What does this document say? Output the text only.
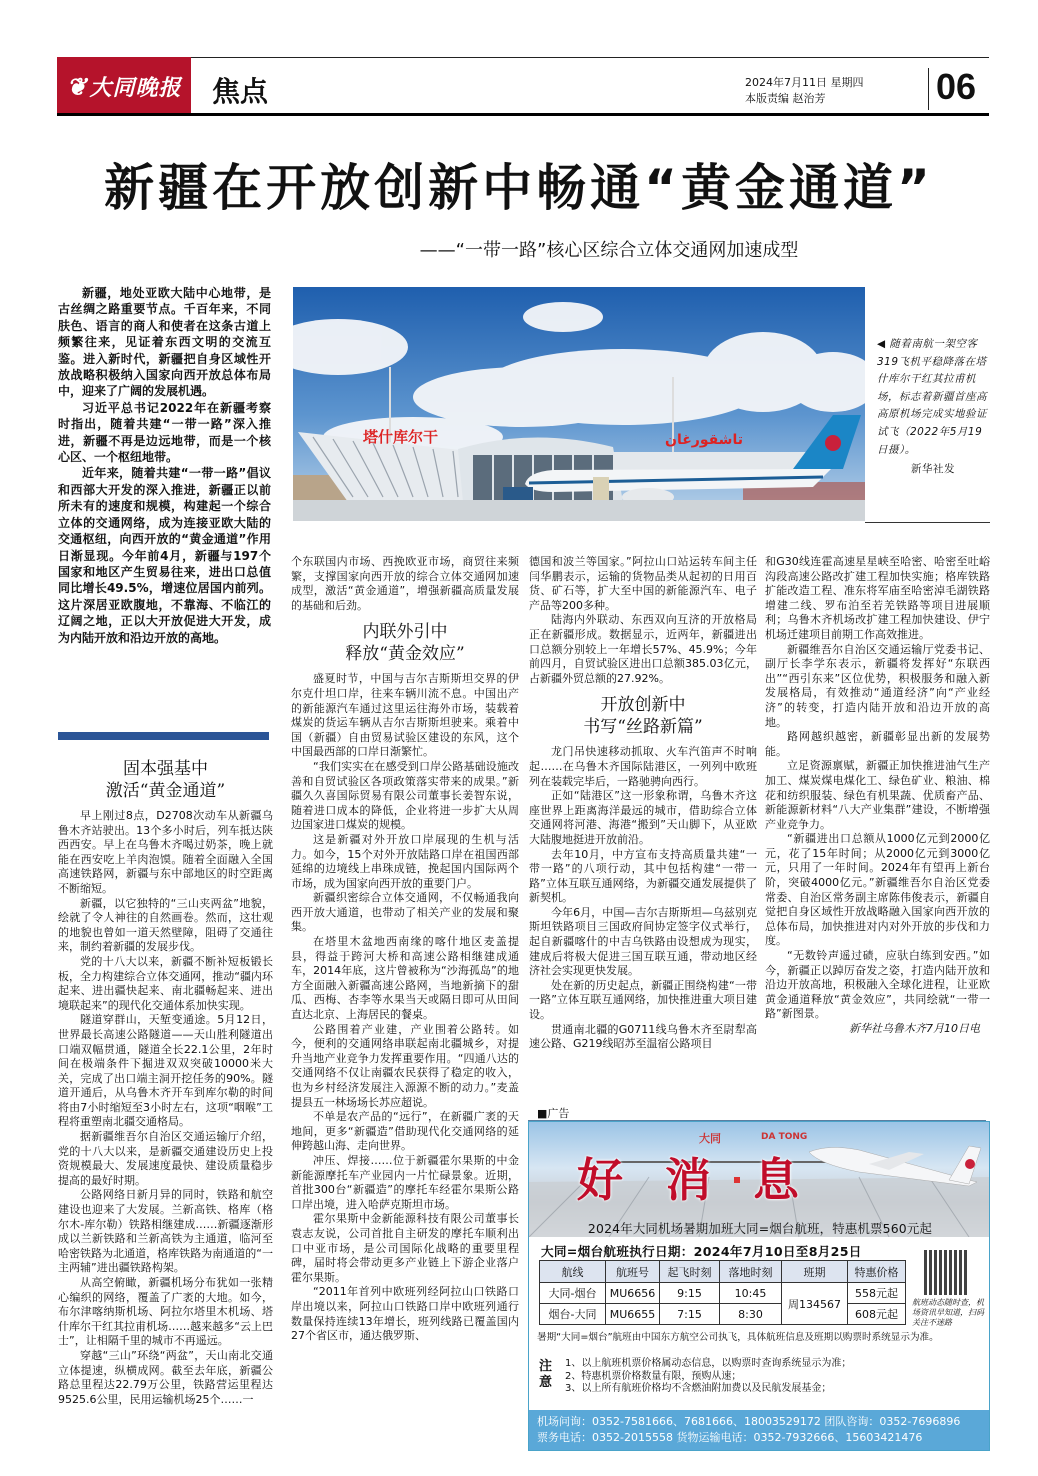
❦ 大同晚报 焦点	2024年7月11日 星期四
本版责编 赵治芳	06
新疆在开放创新中畅通“黄金通道”
——“一带一路”核心区综合立体交通网加速成型

新疆，地处亚欧大陆中心地带，是古丝绸之路重要节点。千百年来，不同肤色、语言的商人和使者在这条古道上频繁往来，见证着东西文明的交流互鉴。进入新时代，新疆把自身区域性开放战略积极纳入国家向西开放总体布局中，迎来了广阔的发展机遇。

习近平总书记2022年在新疆考察时指出，随着共建“一带一路”深入推进，新疆不再是边远地带，而是一个核心区、一个枢纽地带。

近年来，随着共建“一带一路”倡议和西部大开发的深入推进，新疆正以前所未有的速度和规模，构建起一个综合立体的交通网络，成为连接亚欧大陆的交通枢纽，向西开放的“黄金通道”作用日渐显现。今年前4月，新疆与197个国家和地区产生贸易往来，进出口总值同比增长49.5%，增速位居国内前列。这片深居亚欧腹地，不靠海、不临江的辽阔之地，正以大开放促进大开发，成为内陆开放和沿边开放的高地。

塔什库尔干	تاشقورغان
◀ 随着南航一架空客319飞机平稳降落在塔什库尔干红其拉甫机场，标志着新疆首座高高原机场完成实地验证试飞（2022年5月19日摄）。
新华社发
固本强基中
激活“黄金通道”

早上刚过8点，D2708次动车从新疆乌鲁木齐站驶出。13个多小时后，列车抵达陕西西安。早上在乌鲁木齐喝过奶茶，晚上就能在西安吃上羊肉泡馍。随着全面融入全国高速铁路网，新疆与东中部地区的时空距离不断缩短。

新疆，以它独特的“三山夹两盆”地貌，绘就了令人神往的自然画卷。然而，这壮观的地貌也曾如一道天然壁障，阻碍了交通往来，制约着新疆的发展步伐。

党的十八大以来，新疆不断补短板锻长板，全力构建综合立体交通网，推动“疆内环起来、进出疆快起来、南北疆畅起来、进出境联起来”的现代化交通体系加快实现。

隧道穿群山，天堑变通途。5月12日，世界最长高速公路隧道——天山胜利隧道出口端双幅贯通，隧道全长22.1公里，2年时间在极端条件下掘进双双突破10000米大关，完成了出口端主洞开挖任务的90%。隧道开通后，从乌鲁木齐开车到库尔勒的时间将由7小时缩短至3小时左右，这项“咽喉”工程将重塑南北疆交通格局。

据新疆维吾尔自治区交通运输厅介绍，党的十八大以来，是新疆交通建设历史上投资规模最大、发展速度最快、建设质量稳步提高的最好时期。

公路网络日新月异的同时，铁路和航空建设也迎来了大发展。兰新高铁、格库（格尔木-库尔勒）铁路相继建成……新疆逐渐形成以兰新铁路和兰新高铁为主通道，临河至哈密铁路为北通道，格库铁路为南通道的“一主两辅”进出疆铁路构架。

从高空俯瞰，新疆机场分布犹如一张精心编织的网络，覆盖了广袤的大地。如今，布尔津喀纳斯机场、阿拉尔塔里木机场、塔什库尔干红其拉甫机场……越来越多“云上巴士”，让相隔千里的城市不再遥远。

穿越“三山”环绕“两盆”，天山南北交通立体提速，纵横成网。截至去年底，新疆公路总里程达22.79万公里，铁路营运里程达9525.6公里，民用运输机场25个……一

个东联国内市场、西挽欧亚市场，商贸往来频繁，支撑国家向西开放的综合立体交通网加速成型，激活“黄金通道”，增强新疆高质量发展的基础和后劲。
内联外引中
释放“黄金效应”

盛夏时节，中国与吉尔吉斯斯坦交界的伊尔克什坦口岸，往来车辆川流不息。中国出产的新能源汽车通过这里运往海外市场，装载着煤炭的货运车辆从吉尔吉斯斯坦驶来。乘着中国（新疆）自由贸易试验区建设的东风，这个中国最西部的口岸日渐繁忙。

“我们实实在在感受到口岸公路基础设施改善和自贸试验区各项政策落实带来的成果。”新疆久久喜国际贸易有限公司董事长姜智东说，随着进口成本的降低，企业将进一步扩大从周边国家进口煤炭的规模。

这是新疆对外开放口岸展现的生机与活力。如今，15个对外开放陆路口岸在祖国西部延绵的边境线上串珠成链，挽起国内国际两个市场，成为国家向西开放的重要门户。

新疆织密综合立体交通网，不仅畅通我向西开放大通道，也带动了相关产业的发展和聚集。

在塔里木盆地西南缘的喀什地区麦盖提县，得益于跨河大桥和高速公路相继建成通车，2014年底，这片曾被称为“沙海孤岛”的地方全面融入新疆高速公路网，当地新摘下的甜瓜、西梅、杏李等水果当天或隔日即可从田间直达北京、上海居民的餐桌。

公路围着产业建，产业围着公路转。如今，便利的交通网络串联起南北疆城乡，对提升当地产业竞争力发挥重要作用。“四通八达的交通网络不仅让南疆农民获得了稳定的收入，也为乡村经济发展注入源源不断的动力。”麦盖提县五一林场场长苏应超说。

不单是农产品的“远行”，在新疆广袤的天地间，更多“新疆造”借助现代化交通网络的延伸跨越山海、走向世界。

冲压、焊接……位于新疆霍尔果斯的中金新能源摩托车产业园内一片忙碌景象。近期，首批300台“新疆造”的摩托车经霍尔果斯公路口岸出境，进入哈萨克斯坦市场。

霍尔果斯中金新能源科技有限公司董事长袁志友说，公司首批自主研发的摩托车顺利出口中亚市场，是公司国际化战略的重要里程碑，届时将会带动更多产业链上下游企业落户霍尔果斯。

“2011年首列中欧班列经阿拉山口铁路口岸出境以来，阿拉山口铁路口岸中欧班列通行数量保持连续13年增长，班列线路已覆盖国内27个省区市，通达俄罗斯、

德国和波兰等国家。”阿拉山口站运转车间主任闫华鹏表示，运输的货物品类从起初的日用百货、矿石等，扩大至中国的新能源汽车、电子产品等200多种。

陆海内外联动、东西双向互济的开放格局正在新疆形成。数据显示，近两年，新疆进出口总额分别较上一年增长57%、45.9%；今年前四月，自贸试验区进出口总额385.03亿元，占新疆外贸总额的27.92%。

开放创新中
书写“丝路新篇”

龙门吊快速移动抓取、火车汽笛声不时响起……在乌鲁木齐国际陆港区，一列列中欧班列在装载完毕后，一路驰骋向西行。

正如“陆港区”这一形象称谓，乌鲁木齐这座世界上距离海洋最远的城市，借助综合立体交通网将河港、海港“搬到”天山脚下，从亚欧大陆腹地挺进开放前沿。

去年10月，中方宣布支持高质量共建“一带一路”的八项行动，其中包括构建“一带一路”立体互联互通网络，为新疆交通发展提供了新契机。

今年6月，中国—吉尔吉斯斯坦—乌兹别克斯坦铁路项目三国政府间协定签字仪式举行，起自新疆喀什的中吉乌铁路由设想成为现实，建成后将极大促进三国互联互通，带动地区经济社会实现更快发展。

处在新的历史起点，新疆正围绕构建“一带一路”立体互联互通网络，加快推进重大项目建设。

贯通南北疆的G0711线乌鲁木齐至尉犁高速公路、G219线昭苏至温宿公路项目

和G30线连霍高速星星峡至哈密、哈密至吐峪沟段高速公路改扩建工程加快实施；格库铁路扩能改造工程、准东将军庙至哈密淖毛湖铁路增建二线、罗布泊至若羌铁路等项目进展顺利；乌鲁木齐机场改扩建工程加快建设、伊宁机场迁建项目前期工作高效推进。

新疆维吾尔自治区交通运输厅党委书记、副厅长李学东表示，新疆将发挥好“东联西出”“西引东来”区位优势，积极服务和融入新发展格局，有效推动“通道经济”向“产业经济”的转变，打造内陆开放和沿边开放的高地。

路网越织越密，新疆彰显出新的发展势能。

立足资源禀赋，新疆正加快推进油气生产加工、煤炭煤电煤化工、绿色矿业、粮油、棉花和纺织服装、绿色有机果蔬、优质畜产品、新能源新材料“八大产业集群”建设，不断增强产业竞争力。

“新疆进出口总额从1000亿元到2000亿元，花了15年时间；从2000亿元到3000亿元，只用了一年时间。2024年有望再上新台阶，突破4000亿元。”新疆维吾尔自治区党委常委、自治区常务副主席陈伟俊表示，新疆自觉把自身区域性开放战略融入国家向西开放的总体布局，加快推进对内对外开放的步伐和力度。

“无数铃声遥过碛，应驮白练到安西。”如今，新疆正以踔厉奋发之姿，打造内陆开放和沿边开放高地，积极融入全球化进程，让亚欧黄金通道释放“黄金效应”，共同绘就“一带一路”新图景。

新华社乌鲁木齐7月10日电

■广告
大同	DA TONG
好消息
2024年大同机场暑期加班大同=烟台航班，特惠机票560元起
大同=烟台航班执行日期：2024年7月10日至8月25日
航线	航班号	起飞时刻	落地时刻	班期	特惠价格
大同-烟台	MU6656	9:15	10:45	周134567	558元起
烟台-大同	MU6655	7:15	8:30		608元起
航班动态随时查，机场资讯早知道，扫码关注不迷路
暑期“大同=烟台”航班由中国东方航空公司执飞，具体航班信息及班期以购票时系统显示为准。
注意
1、以上航班机票价格属动态信息，以购票时查询系统显示为准；
2、特惠机票价格数量有限，预购从速；
3、以上所有航班价格均不含燃油附加费以及民航发展基金；
机场问询：0352-7581666、7681666、18003529172 团队咨询：0352-7696896
票务电话：0352-2015558 货物运输电话：0352-7932666、15603421476
